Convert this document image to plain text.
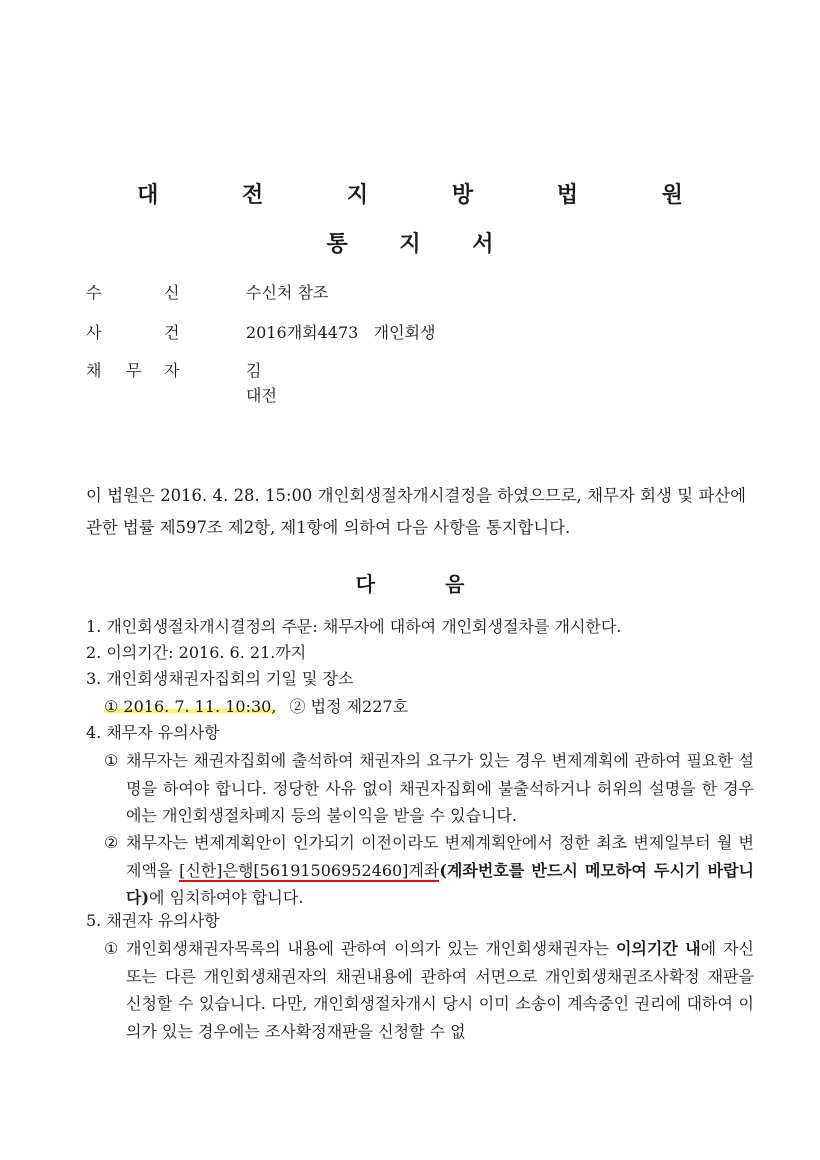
대 전 지 방 법 원
통 지 서
수	신	수신처 참조
사	건	2016개회4473   개인회생
채 무 자	김
대전
이 법원은 2016. 4. 28. 15:00 개인회생절차개시결정을 하였으므로, 채무자 회생 및 파산에 관한 법률 제597조 제2항, 제1항에 의하여 다음 사항을 통지합니다.
다	음
1. 개인회생절차개시결정의 주문: 채무자에 대하여 개인회생절차를 개시한다.
2. 이의기간: 2016. 6. 21.까지
3. 개인회생채권자집회의 기일 및 장소
① 2016. 7. 11. 10:30, ② 법정 제227호
4. 채무자 유의사항
① 채무자는 채권자집회에 출석하여 채권자의 요구가 있는 경우 변제계획에 관하여 필요한 설명을 하여야 합니다. 정당한 사유 없이 채권자집회에 불출석하거나 허위의 설명을 한 경우에는 개인회생절차폐지 등의 불이익을 받을 수 있습니다.
② 채무자는 변제계획안이 인가되기 이전이라도 변제계획안에서 정한 최초 변제일부터 월 변제액을 [신한]은행[56191506952460]계좌(계좌번호를 반드시 메모하여 두시기 바랍니다)에 임치하여야 합니다.
5. 채권자 유의사항
① 개인회생채권자목록의 내용에 관하여 이의가 있는 개인회생채권자는 이의기간 내에 자신 또는 다른 개인회생채권자의 채권내용에 관하여 서면으로 개인회생채권조사확정 재판을 신청할 수 있습니다. 다만, 개인회생절차개시 당시 이미 소송이 계속중인 권리에 대하여 이의가 있는 경우에는 조사확정재판을 신청할 수 없
